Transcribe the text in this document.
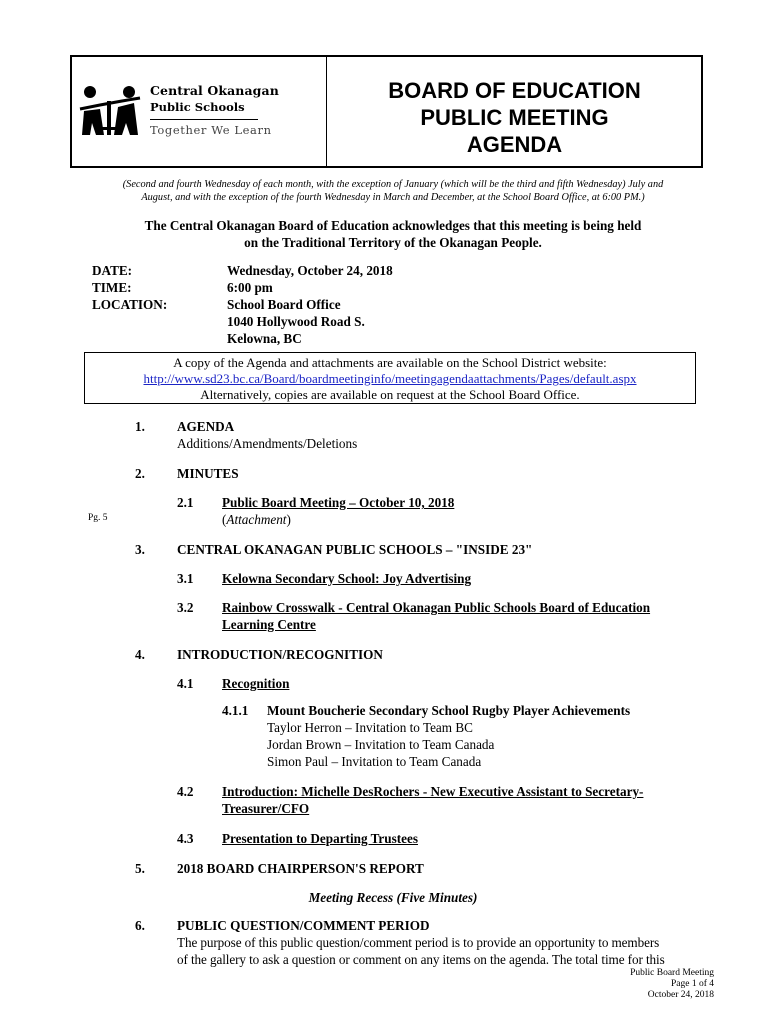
Central Okanagan
Public Schools
Together We Learn
BOARD OF EDUCATION
PUBLIC MEETING
AGENDA
(Second and fourth Wednesday of each month, with the exception of January (which will be the third and fifth Wednesday) July and
August, and with the exception of the fourth Wednesday in March and December, at the School Board Office, at 6:00 PM.)
The Central Okanagan Board of Education acknowledges that this meeting is being held
on the Traditional Territory of the Okanagan People.
DATE:	Wednesday, October 24, 2018
TIME:	6:00 pm
LOCATION:	School Board Office
1040 Hollywood Road S.
Kelowna, BC
A copy of the Agenda and attachments are available on the School District website:
http://www.sd23.bc.ca/Board/boardmeetinginfo/meetingagendaattachments/Pages/default.aspx
Alternatively, copies are available on request at the School Board Office.
1. AGENDA
Additions/Amendments/Deletions
2. MINUTES
2.1 Public Board Meeting – October 10, 2018
Pg. 5	(Attachment)
3. CENTRAL OKANAGAN PUBLIC SCHOOLS – "INSIDE 23"
3.1 Kelowna Secondary School: Joy Advertising
3.2 Rainbow Crosswalk - Central Okanagan Public Schools Board of Education
Learning Centre
4. INTRODUCTION/RECOGNITION
4.1 Recognition
4.1.1 Mount Boucherie Secondary School Rugby Player Achievements
Taylor Herron – Invitation to Team BC
Jordan Brown – Invitation to Team Canada
Simon Paul – Invitation to Team Canada
4.2 Introduction: Michelle DesRochers - New Executive Assistant to Secretary-
Treasurer/CFO
4.3 Presentation to Departing Trustees
5. 2018 BOARD CHAIRPERSON'S REPORT
Meeting Recess (Five Minutes)
6. PUBLIC QUESTION/COMMENT PERIOD
The purpose of this public question/comment period is to provide an opportunity to members
of the gallery to ask a question or comment on any items on the agenda. The total time for this
Public Board Meeting
Page 1 of 4
October 24, 2018
